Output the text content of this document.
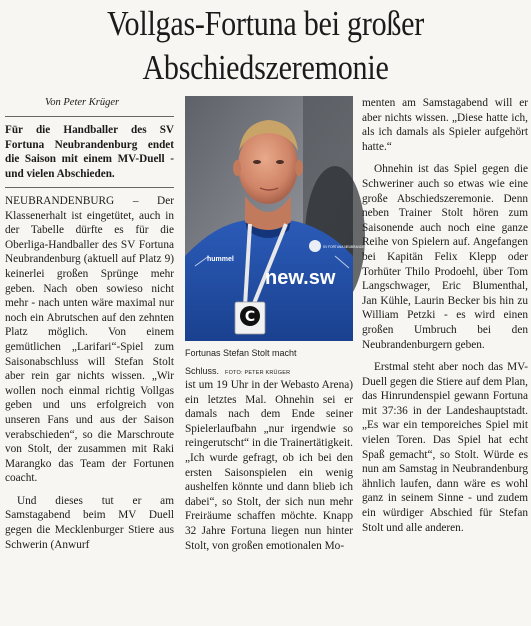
Vollgas-Fortuna bei großer
Abschiedszeremonie
Von Peter Krüger

Für die Handballer des SV Fortuna Neubrandenburg endet die Saison mit einem MV-Duell - und vielen Abschieden.

NEUBRANDENBURG – Der Klassenerhalt ist eingetütet, auch in der Tabelle dürfte es für die Oberliga-Handballer des SV Fortuna Neubrandenburg (aktuell auf Platz 9) keinerlei großen Sprünge mehr geben. Nach oben sowieso nicht mehr - nach unten wäre maximal nur noch ein Abrutschen auf den zehnten Platz möglich. Von einem gemütlichen „Larifari“-Spiel zum Saisonabschluss will Stefan Stolt aber rein gar nichts wissen. „Wir wollen noch einmal richtig Vollgas geben und uns erfolgreich von unseren Fans und aus der Saison verabschieden“, so die Marschroute von Stolt, der zusammen mit Raki Marangko das Team der Fortunen coacht.

Und dieses tut er am Samstagabend beim MV Duell gegen die Mecklenburger Stiere aus Schwerin (Anwurf

C
new.sw
hummel
SV FORTUNA NEUBRANDENBURG
Fortunas Stefan Stolt macht Schluss. FOTO: PETER KRÜGER

ist um 19 Uhr in der Webasto Arena) ein letztes Mal. Ohnehin sei er damals nach dem Ende seiner Spielerlaufbahn „nur irgendwie so reingerutscht“ in die Trainertätigkeit. „Ich wurde gefragt, ob ich bei den ersten Saisonspielen ein wenig aushelfen könnte und dann blieb ich dabei“, so Stolt, der sich nun mehr Freiräume schaffen möchte. Knapp 32 Jahre Fortuna liegen nun hinter Stolt, von großen emotionalen Mo-

menten am Samstagabend will er aber nichts wissen. „Diese hatte ich, als ich damals als Spieler aufgehört hatte.“

Ohnehin ist das Spiel gegen die Schweriner auch so etwas wie eine große Abschiedszeremonie. Denn neben Trainer Stolt hören zum Saisonende auch noch eine ganze Reihe von Spielern auf. Angefangen bei Kapitän Felix Klepp oder Torhüter Thilo Prodoehl, über Tom Langschwager, Eric Blumenthal, Jan Kühle, Laurin Becker bis hin zu William Petzki - es wird einen großen Umbruch bei den Neubrandenburgern geben.

Erstmal steht aber noch das MV-Duell gegen die Stiere auf dem Plan, das Hinrundenspiel gewann Fortuna mit 37:36 in der Landeshauptstadt. „Es war ein temporeiches Spiel mit vielen Toren. Das Spiel hat echt Spaß gemacht“, so Stolt. Würde es nun am Samstag in Neubrandenburg ähnlich laufen, dann wäre es wohl ganz in seinem Sinne - und zudem ein würdiger Abschied für Stefan Stolt und alle anderen.
